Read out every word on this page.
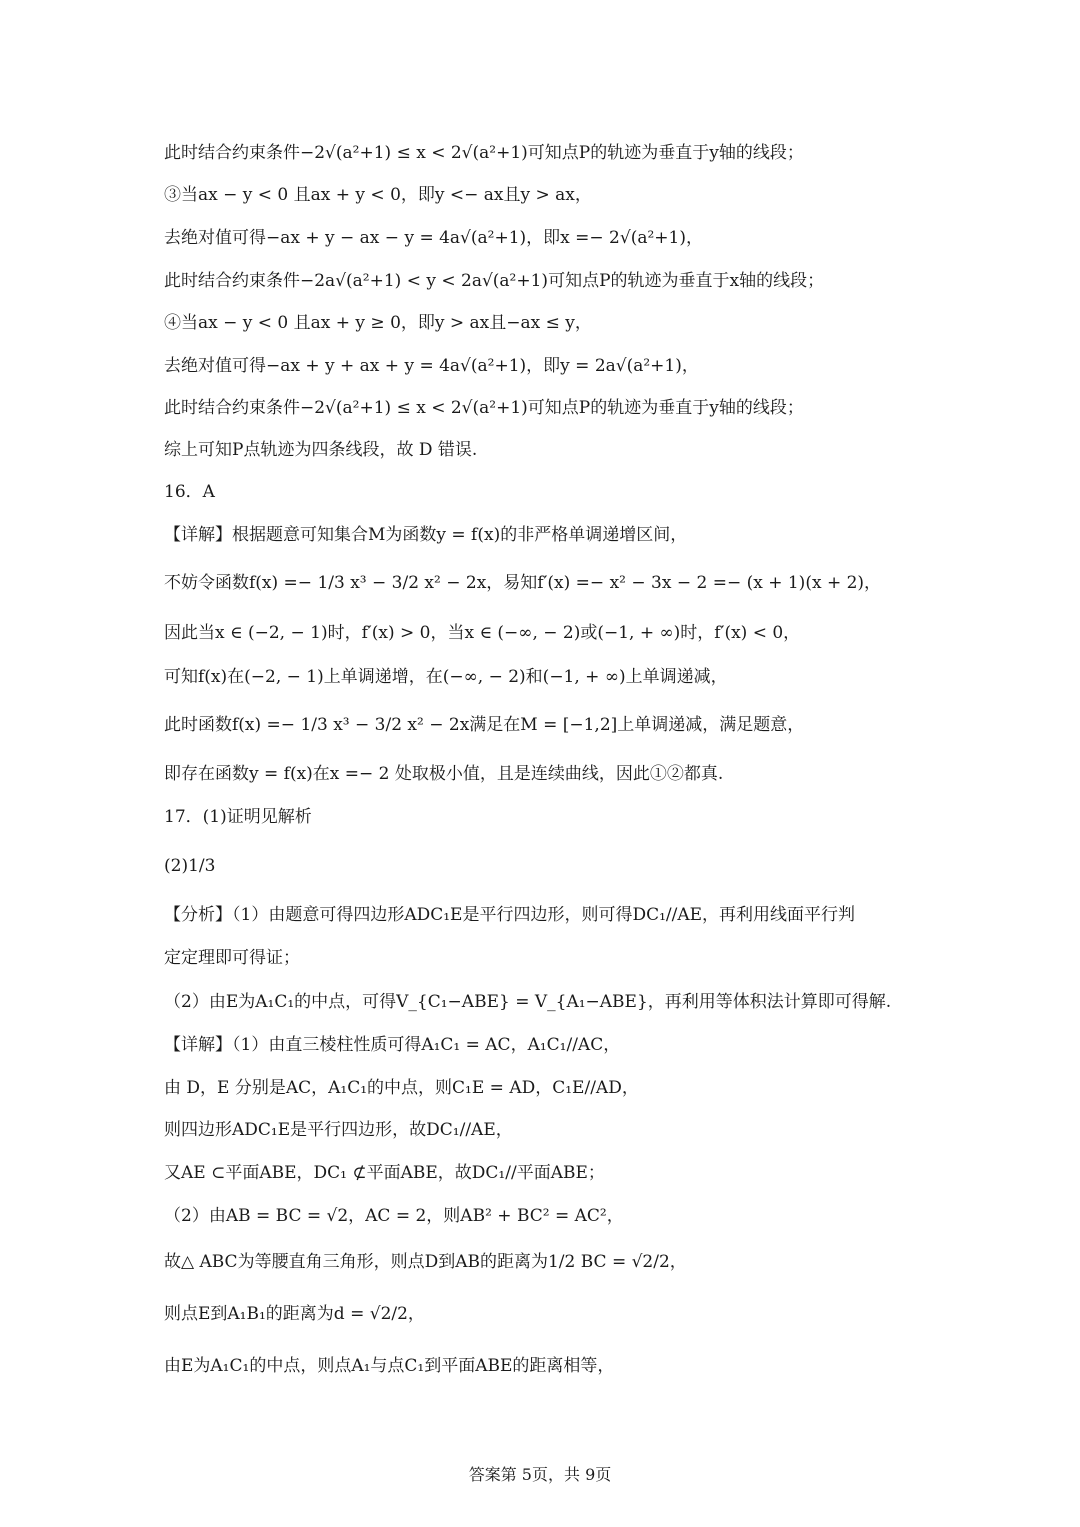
此时结合约束条件−2√(a²+1) ≤ x < 2√(a²+1)可知点P的轨迹为垂直于y轴的线段；
③当ax − y < 0 且ax + y < 0，即y <− ax且y > ax，
去绝对值可得−ax + y − ax − y = 4a√(a²+1)，即x =− 2√(a²+1)，
此时结合约束条件−2a√(a²+1) < y < 2a√(a²+1)可知点P的轨迹为垂直于x轴的线段；
④当ax − y < 0 且ax + y ≥ 0，即y > ax且−ax ≤ y，
去绝对值可得−ax + y + ax + y = 4a√(a²+1)，即y = 2a√(a²+1)，
此时结合约束条件−2√(a²+1) ≤ x < 2√(a²+1)可知点P的轨迹为垂直于y轴的线段；
综上可知P点轨迹为四条线段，故 D 错误.
16．A
【详解】根据题意可知集合M为函数y = f(x)的非严格单调递增区间，
不妨令函数f(x) =− 1/3 x³ − 3/2 x² − 2x，易知f′(x) =− x² − 3x − 2 =− (x + 1)(x + 2)，
因此当x ∈ (−2, − 1)时，f′(x) > 0，当x ∈ (−∞, − 2)或(−1, + ∞)时，f′(x) < 0，
可知f(x)在(−2, − 1)上单调递增，在(−∞, − 2)和(−1, + ∞)上单调递减，
此时函数f(x) =− 1/3 x³ − 3/2 x² − 2x满足在M = [−1,2]上单调递减，满足题意，
即存在函数y = f(x)在x =− 2 处取极小值，且是连续曲线，因此①②都真.
17．(1)证明见解析
(2)1/3
【分析】（1）由题意可得四边形ADC₁E是平行四边形，则可得DC₁//AE，再利用线面平行判
定定理即可得证；
（2）由E为A₁C₁的中点，可得V_{C₁−ABE} = V_{A₁−ABE}，再利用等体积法计算即可得解.
【详解】（1）由直三棱柱性质可得A₁C₁ = AC，A₁C₁//AC，
由 D，E 分别是AC，A₁C₁的中点，则C₁E = AD，C₁E//AD，
则四边形ADC₁E是平行四边形，故DC₁//AE，
又AE ⊂平面ABE，DC₁ ⊄平面ABE，故DC₁//平面ABE；
（2）由AB = BC = √2，AC = 2，则AB² + BC² = AC²，
故△ ABC为等腰直角三角形，则点D到AB的距离为1/2 BC = √2/2，
则点E到A₁B₁的距离为d = √2/2，
由E为A₁C₁的中点，则点A₁与点C₁到平面ABE的距离相等，
答案第 5页，共 9页
